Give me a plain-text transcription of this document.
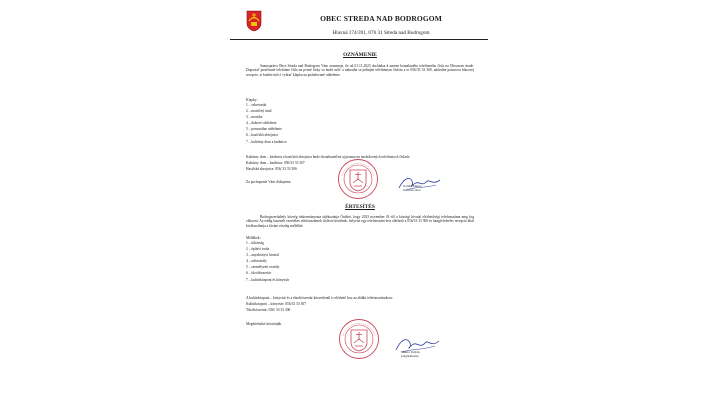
OBEC STREDA NAD BODROGOM
Hlavná 174/391, 076 31 Streda nad Bodrogom
OZNÁMENIE
Samospráva Obce Streda nad Bodrogom Vám oznamuje, že od 01.11.2023 dochádza k zmene kontaktného telefónneho čísla na Obecnom úrade. Doposiaľ používané telefónne čísla na pevné linky sa budú rušiť a nahradia sa jediným telefónnym číslom a to 056/33 33 300, následne pomocou hlasovej recepcie, si budete môcť vybrať klapku na požadované oddelenie.
Klapky:
1 – sekretariát
2 – matričný úrad
3 – matrika
4 – daňové oddelenie
5 – personálne oddelenie
6 – hasičská zbrojnica
7 – kultúrny dom a knižnica
Kultúrny dom – knižnica a hasičská zbrojnica bude dosiahnuteľná aj priamo na nasledovných telefónnych číslach:
Kultúrny dom – knižnica: 056/33 33 307
Hasičská zbrojnica: 056/ 33 33 306
Za pochopenie Vám ďakujeme.
Zoltán Mento
starosta obce
ÉRTESÍTÉS
Bodrogszerdahely község önkormányzata tájékoztatja Önöket, hogy 2023 november 01-től a községi hivatal elérhetőségi telefonszáma meg fog változni. Az eddig használt vezetékes telefonszámok törlésre kerülnek, helyette egy telefonszám lesz elérhető a 056/33 33 300 és hangfelvételes recepció által kiválaszthatja a kívánt részleg mellékét.
Mellékek:
1 – titkárság
2 – építési iroda
3 – anyakönyvi hivatal
4 – adóosztály
5 – személyzeti osztály
6 – tűzoltószertár
7 – kultúrközpont és könyvtár
A kultúrközpont – könyvtár és a tűzoltószertár közvetlenül is elérhető lesz az alábbi telefonszámokon:
Kultúrközpont – könyvtár: 056/33 33 307
Tűzoltószertár: 056/ 33 33 306
Megértésüket köszönjük.
Mento Zoltán
polgármester
